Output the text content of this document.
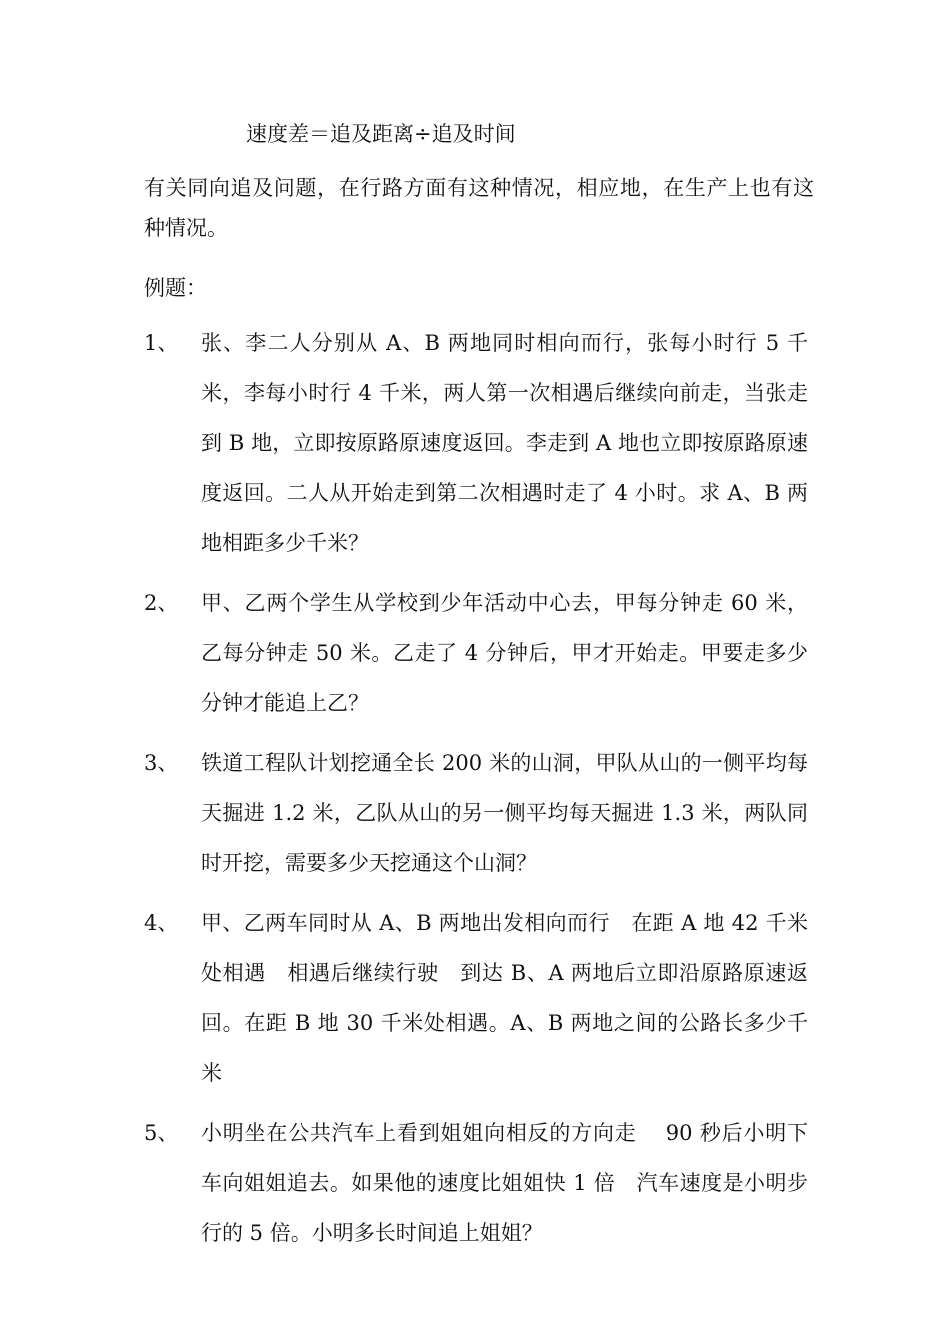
速度差＝追及距离÷追及时间
有关同向追及问题，在行路方面有这种情况，相应地，在生产上也有这种情况。
例题：
1、	张、李二人分别从 A、B 两地同时相向而行，张每小时行 5 千米，李每小时行 4 千米，两人第一次相遇后继续向前走，当张走到 B 地，立即按原路原速度返回。李走到 A 地也立即按原路原速度返回。二人从开始走到第二次相遇时走了 4 小时。求 A、B 两地相距多少千米？
2、	甲、乙两个学生从学校到少年活动中心去，甲每分钟走 60 米，乙每分钟走 50 米。乙走了 4 分钟后，甲才开始走。甲要走多少分钟才能追上乙？
3、	铁道工程队计划挖通全长 200 米的山洞，甲队从山的一侧平均每天掘进 1.2 米，乙队从山的另一侧平均每天掘进 1.3 米，两队同时开挖，需要多少天挖通这个山洞？
4、	甲、乙两车同时从 A、B 两地出发相向而行　在距 A 地 42 千米处相遇　相遇后继续行驶　到达 B、A 两地后立即沿原路原速返回。在距 B 地 30 千米处相遇。A、B 两地之间的公路长多少千米
5、	小明坐在公共汽车上看到姐姐向相反的方向走　 90 秒后小明下车向姐姐追去。如果他的速度比姐姐快 1 倍　汽车速度是小明步行的 5 倍。小明多长时间追上姐姐？
